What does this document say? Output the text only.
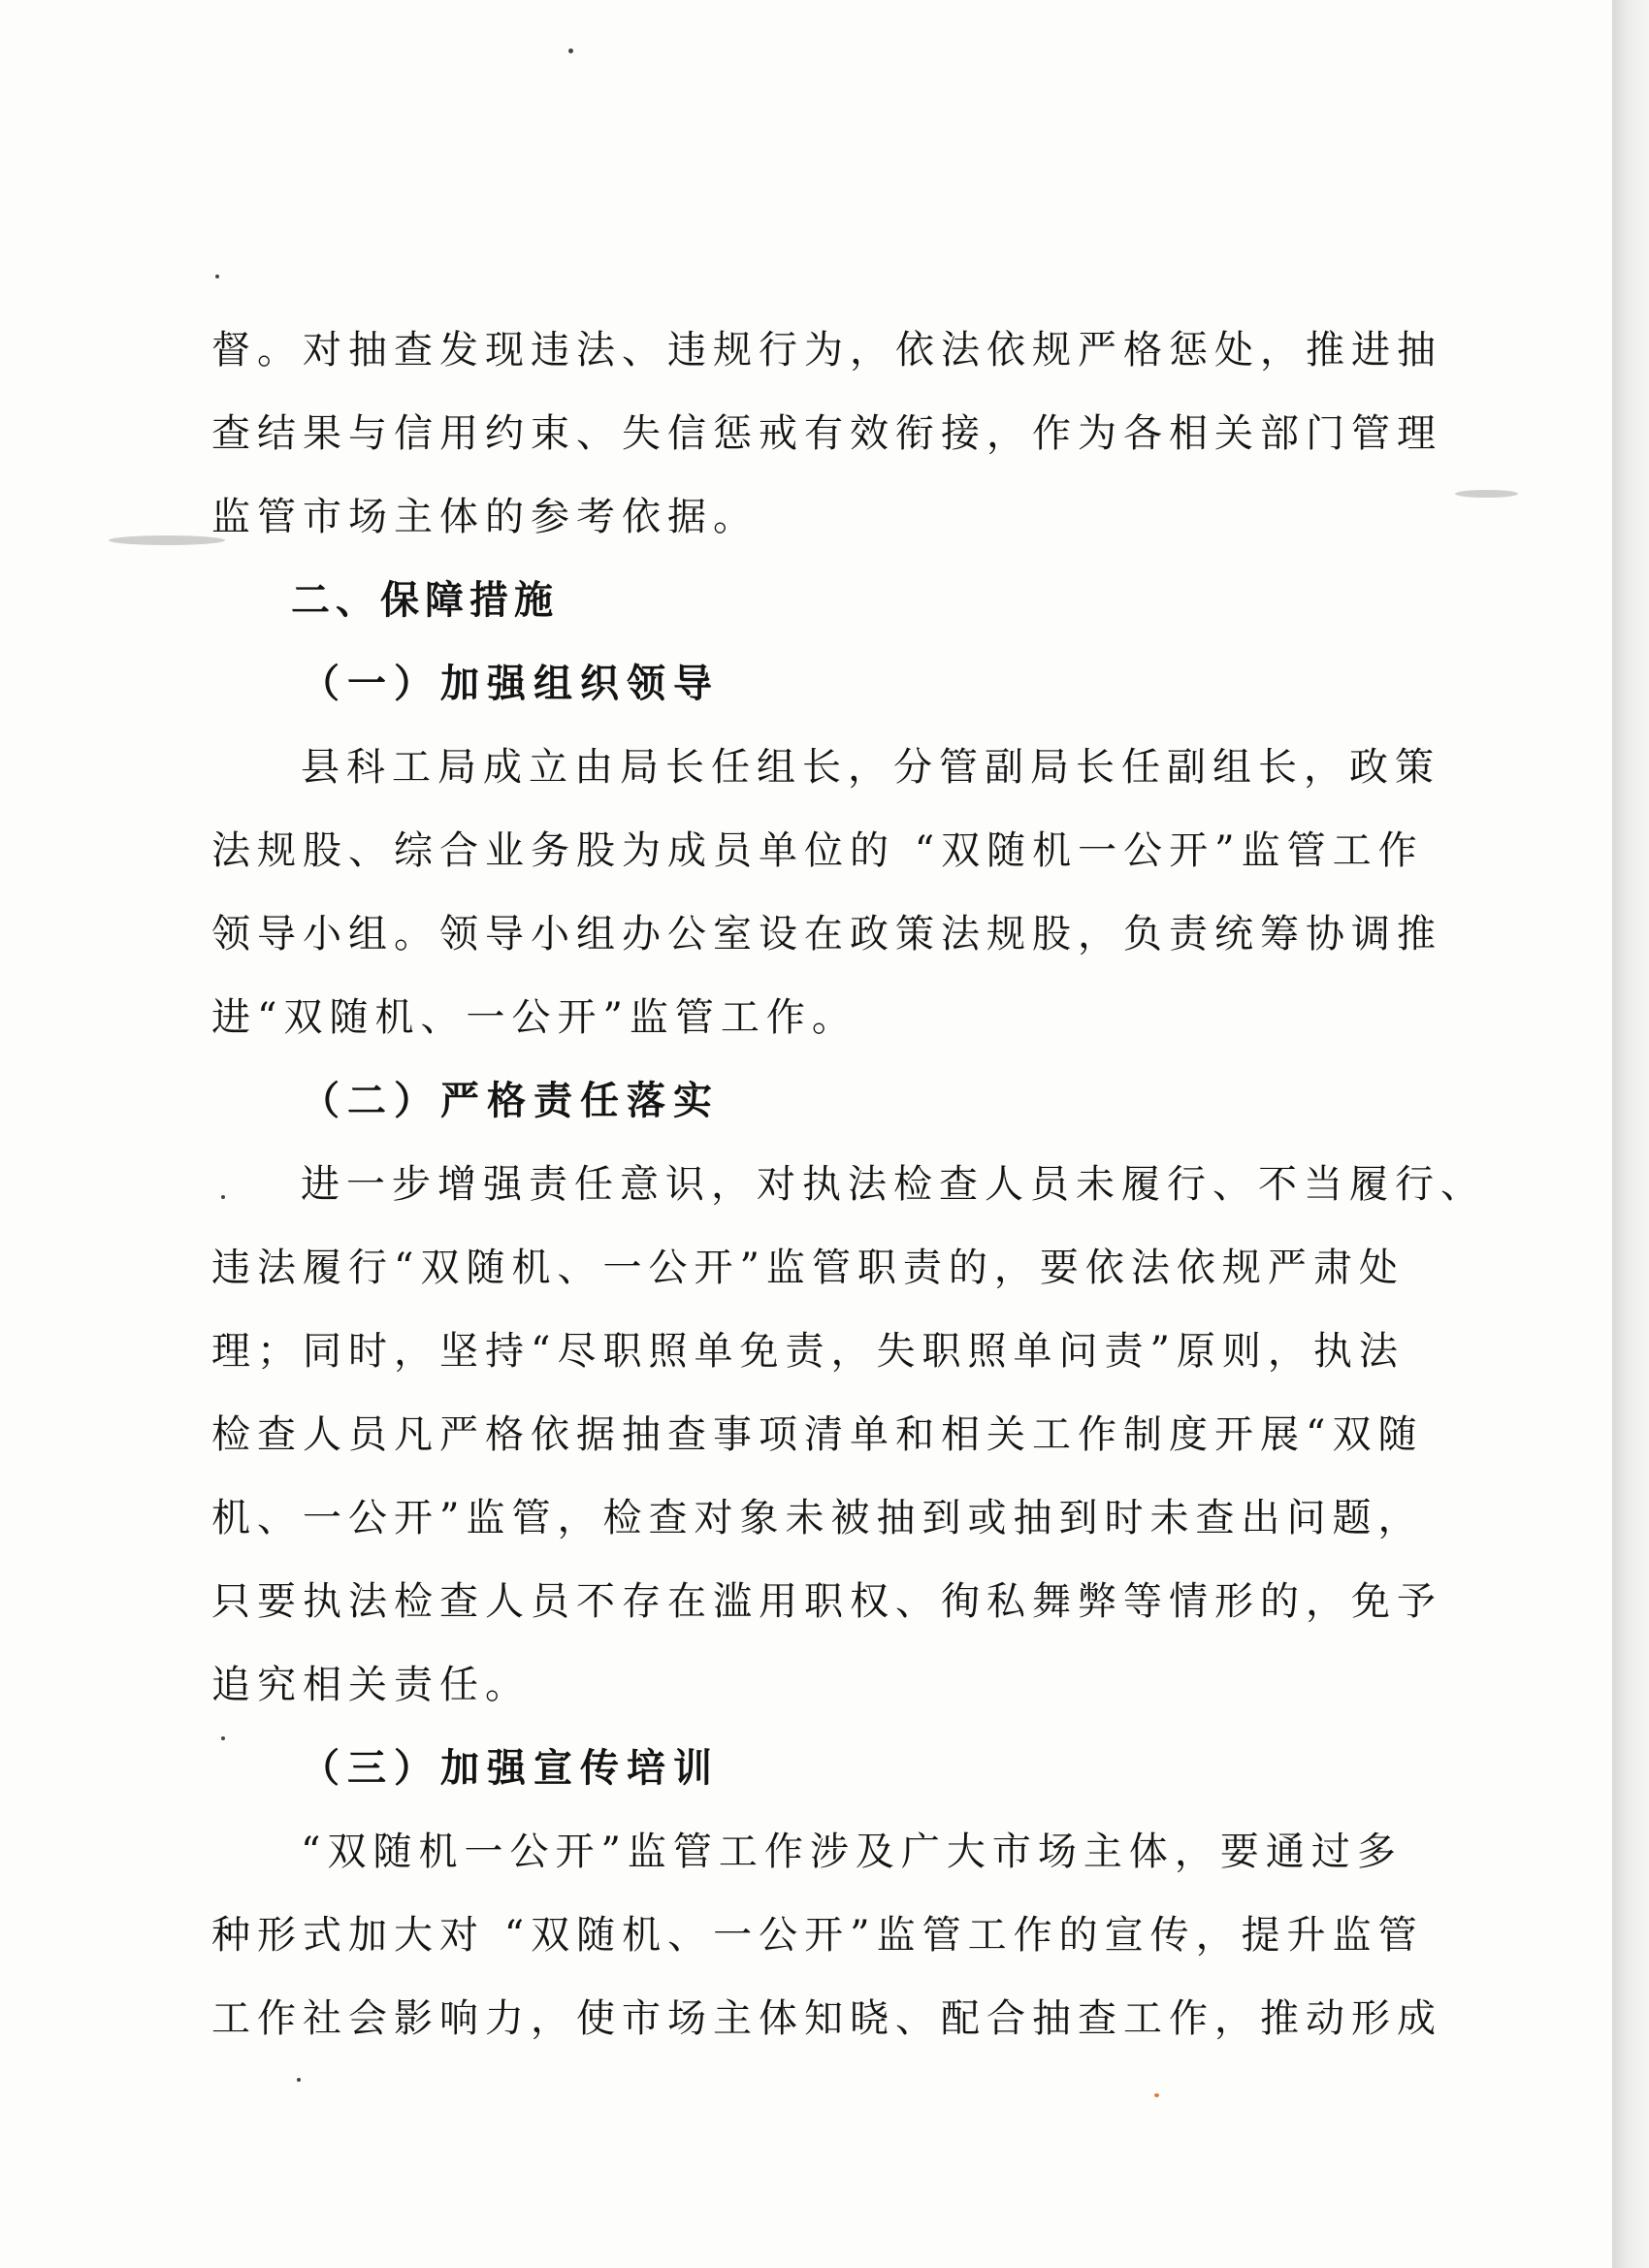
督。对抽查发现违法、违规行为，依法依规严格惩处，推进抽
查结果与信用约束、失信惩戒有效衔接，作为各相关部门管理
监管市场主体的参考依据。
二、保障措施
（一）加强组织领导
县科工局成立由局长任组长，分管副局长任副组长，政策
法规股、综合业务股为成员单位的 “双随机一公开”监管工作
领导小组。领导小组办公室设在政策法规股，负责统筹协调推
进“双随机、一公开”监管工作。
（二）严格责任落实
进一步增强责任意识，对执法检查人员未履行、不当履行、
违法履行“双随机、一公开”监管职责的，要依法依规严肃处
理；同时，坚持“尽职照单免责，失职照单问责”原则，执法
检查人员凡严格依据抽查事项清单和相关工作制度开展“双随
机、一公开”监管，检查对象未被抽到或抽到时未查出问题，
只要执法检查人员不存在滥用职权、徇私舞弊等情形的，免予
追究相关责任。
（三）加强宣传培训
“双随机一公开”监管工作涉及广大市场主体，要通过多
种形式加大对 “双随机、一公开”监管工作的宣传，提升监管
工作社会影响力，使市场主体知晓、配合抽查工作，推动形成
